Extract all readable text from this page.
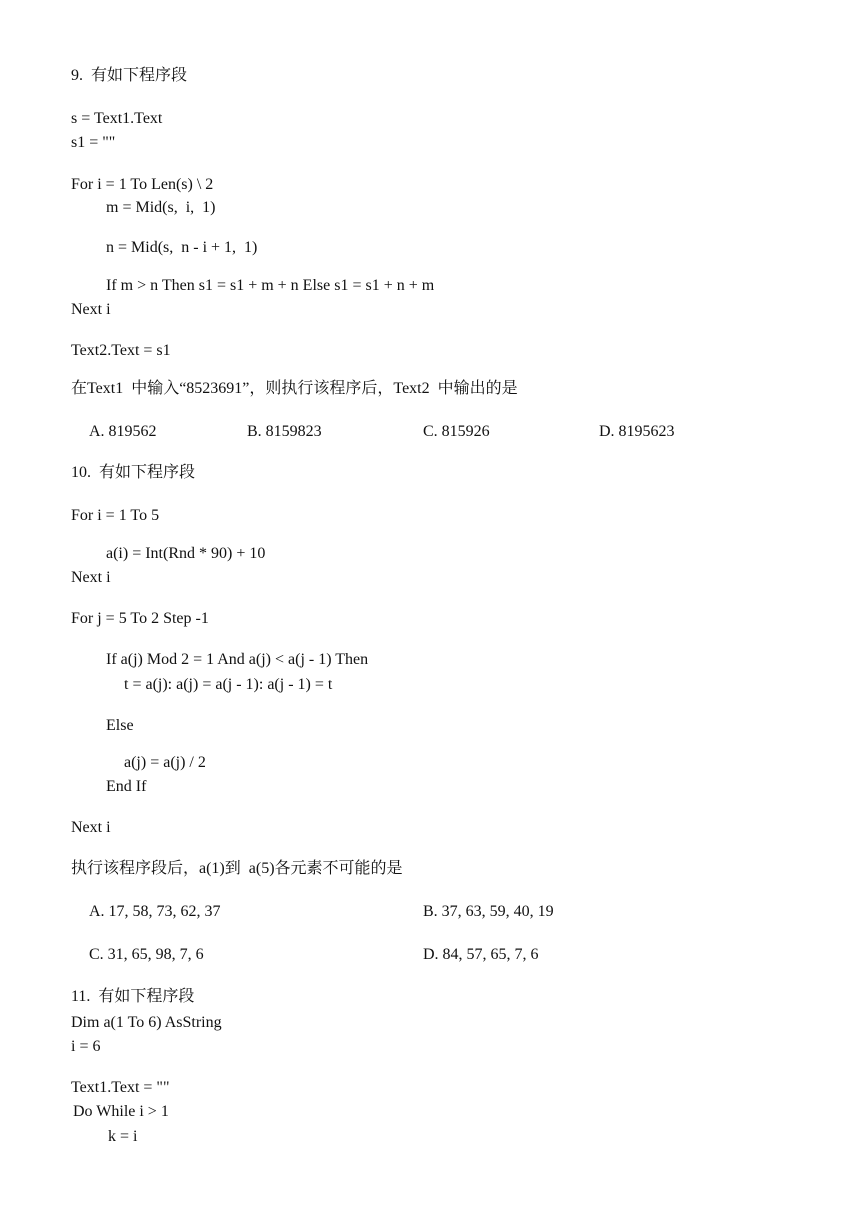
9.  有如下程序段
s = Text1.Text
s1 = ""
For i = 1 To Len(s) \ 2
m = Mid(s,  i,  1)
n = Mid(s,  n - i + 1,  1)
If m > n Then s1 = s1 + m + n Else s1 = s1 + n + m
Next i
Text2.Text = s1
在Text1  中输入“8523691”，则执行该程序后，Text2  中输出的是
A. 819562	B. 8159823	C. 815926	D. 8195623
10.  有如下程序段
For i = 1 To 5
a(i) = Int(Rnd * 90) + 10
Next i
For j = 5 To 2 Step -1
If a(j) Mod 2 = 1 And a(j) < a(j - 1) Then
t = a(j): a(j) = a(j - 1): a(j - 1) = t
Else
a(j) = a(j) / 2
End If
Next i
执行该程序段后，a(1)到  a(5)各元素不可能的是
A. 17, 58, 73, 62, 37	B. 37, 63, 59, 40, 19
C. 31, 65, 98, 7, 6	D. 84, 57, 65, 7, 6
11.  有如下程序段
Dim a(1 To 6) AsString
i = 6
Text1.Text = ""
Do While i > 1
k = i
